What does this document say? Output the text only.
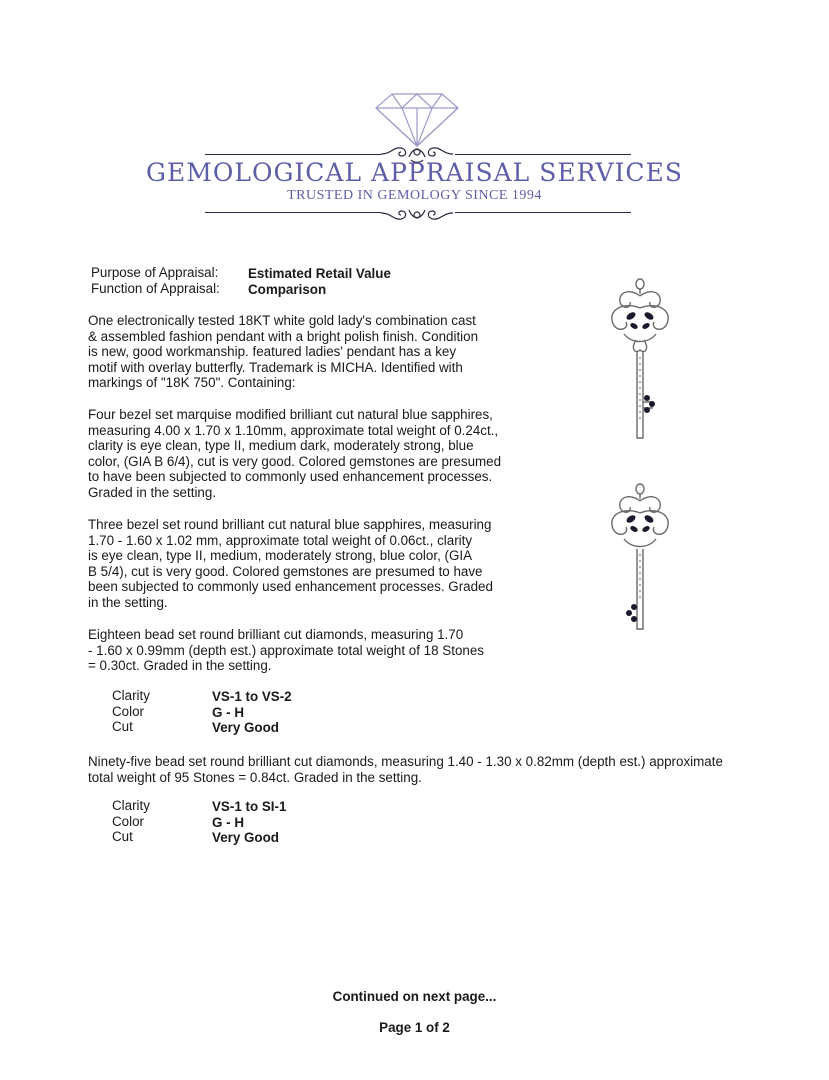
GEMOLOGICAL APPRAISAL SERVICES
TRUSTED IN GEMOLOGY SINCE 1994
Purpose of Appraisal: Estimated Retail Value
Function of Appraisal: Comparison
One electronically tested 18KT white gold lady's combination cast
& assembled fashion pendant with a bright polish finish. Condition
is new, good workmanship. featured ladies' pendant has a key
motif with overlay butterfly. Trademark is MICHA. Identified with
markings of "18K 750". Containing:
Four bezel set marquise modified brilliant cut natural blue sapphires,
measuring 4.00 x 1.70 x 1.10mm, approximate total weight of 0.24ct.,
clarity is eye clean, type II, medium dark, moderately strong, blue
color, (GIA B 6/4), cut is very good. Colored gemstones are presumed
to have been subjected to commonly used enhancement processes.
Graded in the setting.
Three bezel set round brilliant cut natural blue sapphires, measuring
1.70 - 1.60 x 1.02 mm, approximate total weight of 0.06ct., clarity
is eye clean, type II, medium, moderately strong, blue color, (GIA
B 5/4), cut is very good. Colored gemstones are presumed to have
been subjected to commonly used enhancement processes. Graded
in the setting.
Eighteen bead set round brilliant cut diamonds, measuring 1.70
- 1.60 x 0.99mm (depth est.) approximate total weight of 18 Stones
= 0.30ct. Graded in the setting.
Clarity	VS-1 to VS-2
Color	G - H
Cut	Very Good
Ninety-five bead set round brilliant cut diamonds, measuring 1.40 - 1.30 x 0.82mm (depth est.) approximate
total weight of 95 Stones = 0.84ct. Graded in the setting.
Clarity	VS-1 to SI-1
Color	G - H
Cut	Very Good
Continued on next page...
Page 1 of 2
